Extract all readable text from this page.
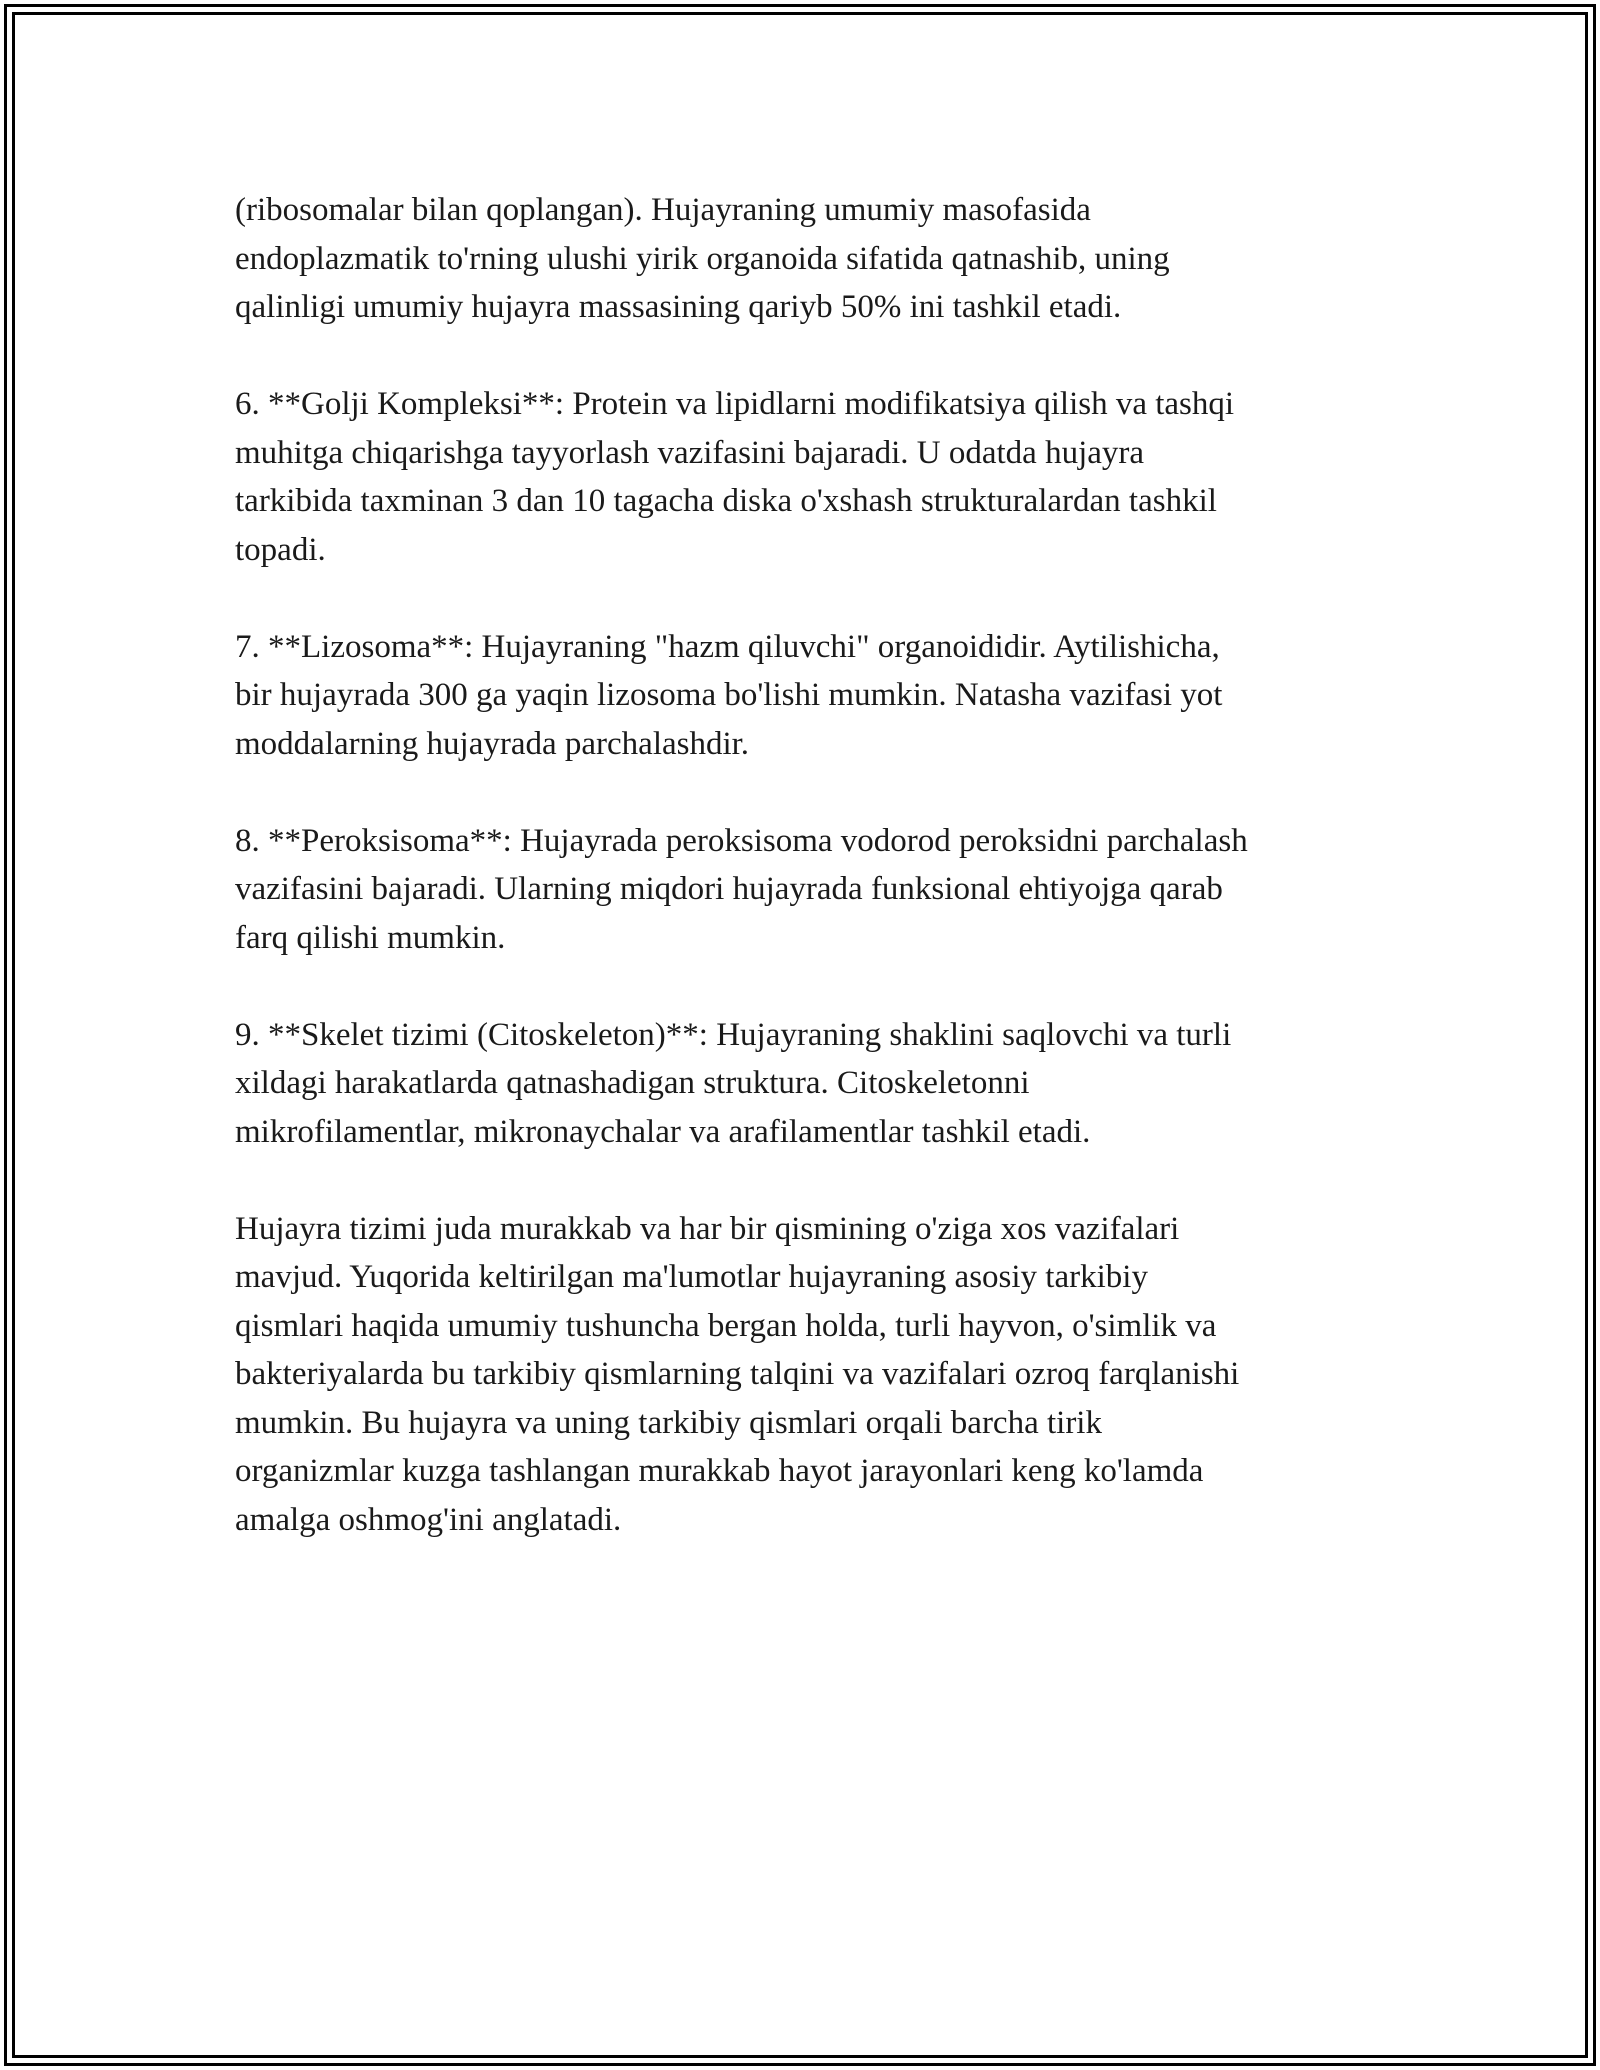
(ribosomalar bilan qoplangan). Hujayraning umumiy masofasida
endoplazmatik to'rning ulushi yirik organoida sifatida qatnashib, uning
qalinligi umumiy hujayra massasining qariyb 50% ini tashkil etadi.

6. **Golji Kompleksi**: Protein va lipidlarni modifikatsiya qilish va tashqi
muhitga chiqarishga tayyorlash vazifasini bajaradi. U odatda hujayra
tarkibida taxminan 3 dan 10 tagacha diska o'xshash strukturalardan tashkil
topadi.

7. **Lizosoma**: Hujayraning "hazm qiluvchi" organoididir. Aytilishicha,
bir hujayrada 300 ga yaqin lizosoma bo'lishi mumkin. Natasha vazifasi yot
moddalarning hujayrada parchalashdir.

8. **Peroksisoma**: Hujayrada peroksisoma vodorod peroksidni parchalash
vazifasini bajaradi. Ularning miqdori hujayrada funksional ehtiyojga qarab
farq qilishi mumkin.

9. **Skelet tizimi (Citoskeleton)**: Hujayraning shaklini saqlovchi va turli
xildagi harakatlarda qatnashadigan struktura. Citoskeletonni
mikrofilamentlar, mikronaychalar va arafilamentlar tashkil etadi.

Hujayra tizimi juda murakkab va har bir qismining o'ziga xos vazifalari
mavjud. Yuqorida keltirilgan ma'lumotlar hujayraning asosiy tarkibiy
qismlari haqida umumiy tushuncha bergan holda, turli hayvon, o'simlik va
bakteriyalarda bu tarkibiy qismlarning talqini va vazifalari ozroq farqlanishi
mumkin. Bu hujayra va uning tarkibiy qismlari orqali barcha tirik
organizmlar kuzga tashlangan murakkab hayot jarayonlari keng ko'lamda
amalga oshmog'ini anglatadi.
